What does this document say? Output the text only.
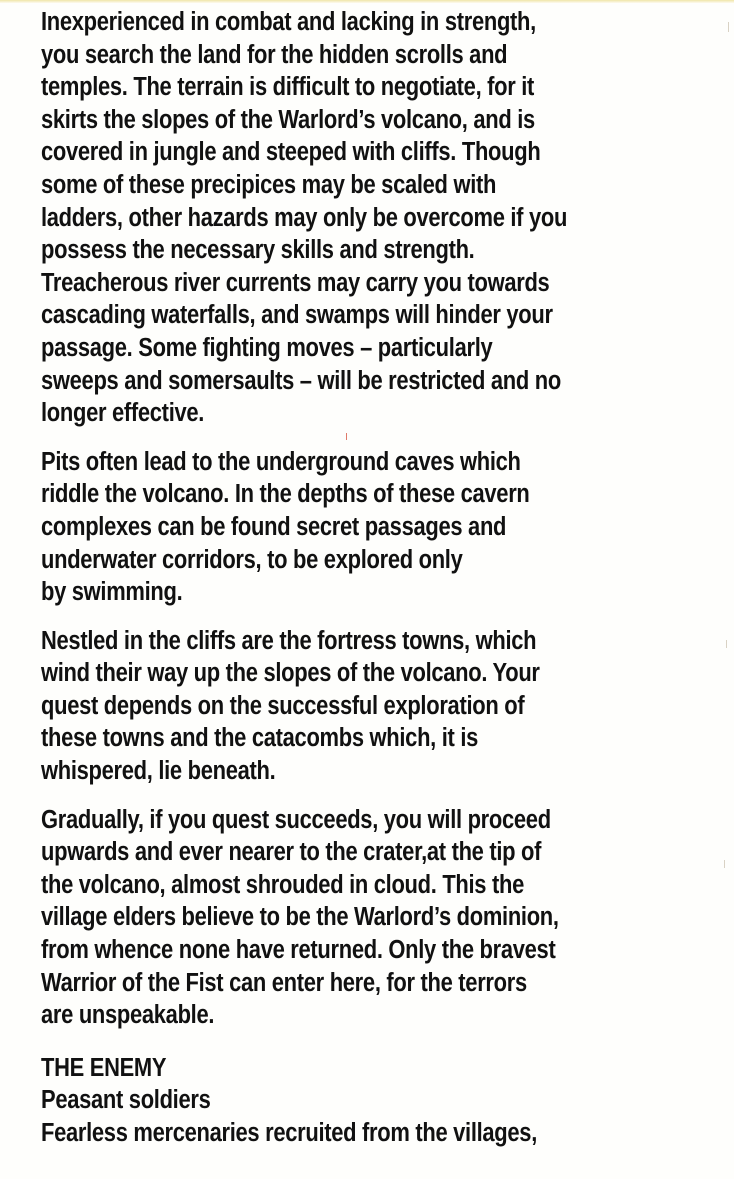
Inexperienced in combat and lacking in strength,
you search the land for the hidden scrolls and
temples. The terrain is difficult to negotiate, for it
skirts the slopes of the Warlord’s volcano, and is
covered in jungle and steeped with cliffs. Though
some of these precipices may be scaled with
ladders, other hazards may only be overcome if you
possess the necessary skills and strength.
Treacherous river currents may carry you towards
cascading waterfalls, and swamps will hinder your
passage. Some fighting moves – particularly
sweeps and somersaults – will be restricted and no
longer effective.

Pits often lead to the underground caves which
riddle the volcano. In the depths of these cavern
complexes can be found secret passages and
underwater corridors, to be explored only
by swimming.

Nestled in the cliffs are the fortress towns, which
wind their way up the slopes of the volcano. Your
quest depends on the successful exploration of
these towns and the catacombs which, it is
whispered, lie beneath.

Gradually, if you quest succeeds, you will proceed
upwards and ever nearer to the crater,at the tip of
the volcano, almost shrouded in cloud. This the
village elders believe to be the Warlord’s dominion,
from whence none have returned. Only the bravest
Warrior of the Fist can enter here, for the terrors
are unspeakable.

THE ENEMY
Peasant soldiers
Fearless mercenaries recruited from the villages,
